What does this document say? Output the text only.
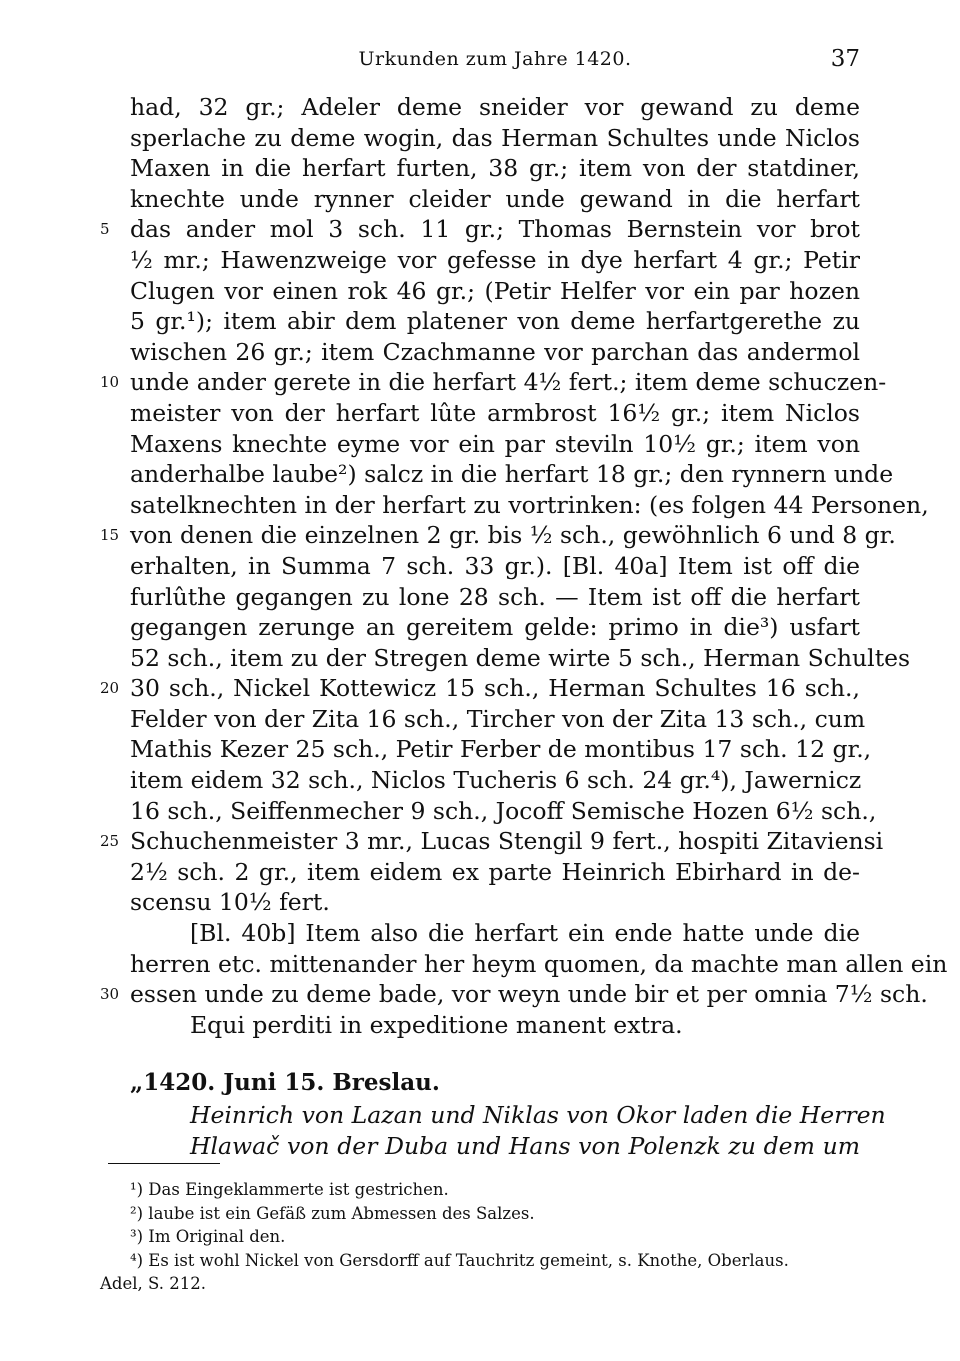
Urkunden zum Jahre 1420.	37
had, 32 gr.; Adeler deme sneider vor gewand zu deme
sperlache zu deme wogin, das Herman Schultes unde Niclos
Maxen in die herfart furten, 38 gr.; item von der statdiner,
knechte unde rynner cleider unde gewand in die herfart
5 das ander mol 3 sch. 11 gr.; Thomas Bernstein vor brot
½ mr.; Hawenzweige vor gefesse in dye herfart 4 gr.; Petir
Clugen vor einen rok 46 gr.; (Petir Helfer vor ein par hozen
5 gr.¹); item abir dem platener von deme herfartgerethe zu
wischen 26 gr.; item Czachmanne vor parchan das andermol
10 unde ander gerete in die herfart 4½ fert.; item deme schuczen-
meister von der herfart lûte armbrost 16½ gr.; item Niclos
Maxens knechte eyme vor ein par steviln 10½ gr.; item von
anderhalbe laube²) salcz in die herfart 18 gr.; den rynnern unde
satelknechten in der herfart zu vortrinken: (es folgen 44 Personen,
15 von denen die einzelnen 2 gr. bis ½ sch., gewöhnlich 6 und 8 gr.
erhalten, in Summa 7 sch. 33 gr.). [Bl. 40a] Item ist off die
furlûthe gegangen zu lone 28 sch. — Item ist off die herfart
gegangen zerunge an gereitem gelde: primo in die³) usfart
52 sch., item zu der Stregen deme wirte 5 sch., Herman Schultes
20 30 sch., Nickel Kottewicz 15 sch., Herman Schultes 16 sch.,
Felder von der Zita 16 sch., Tircher von der Zita 13 sch., cum
Mathis Kezer 25 sch., Petir Ferber de montibus 17 sch. 12 gr.,
item eidem 32 sch., Niclos Tucheris 6 sch. 24 gr.⁴), Jawernicz
16 sch., Seiffenmecher 9 sch., Jocoff Semische Hozen 6½ sch.,
25 Schuchenmeister 3 mr., Lucas Stengil 9 fert., hospiti Zitaviensi
2½ sch. 2 gr., item eidem ex parte Heinrich Ebirhard in de-
scensu 10½ fert.
[Bl. 40b] Item also die herfart ein ende hatte unde die
herren etc. mittenander her heym quomen, da machte man allen ein
30 essen unde zu deme bade, vor weyn unde bir et per omnia 7½ sch.
Equi perditi in expeditione manent extra.
„1420. Juni 15. Breslau.
Heinrich von Lazan und Niklas von Okor laden die Herren
Hlawač von der Duba und Hans von Polenzk zu dem um
¹) Das Eingeklammerte ist gestrichen.
²) laube ist ein Gefäß zum Abmessen des Salzes.
³) Im Original den.
⁴) Es ist wohl Nickel von Gersdorff auf Tauchritz gemeint, s. Knothe, Oberlaus.
Adel, S. 212.
